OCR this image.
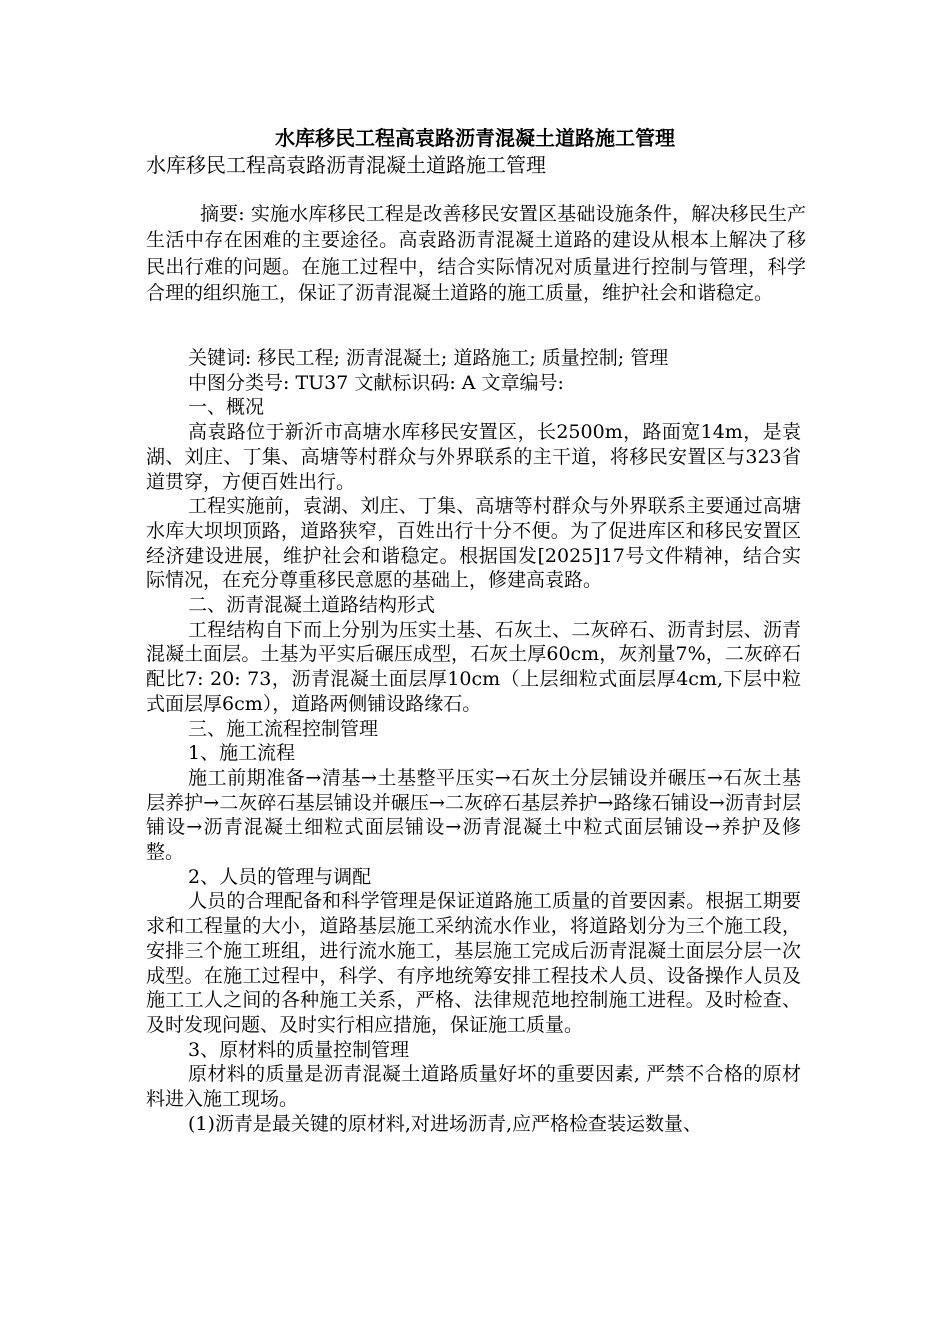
水库移民工程高袁路沥青混凝土道路施工管理
水库移民工程高袁路沥青混凝土道路施工管理

摘要: 实施水库移民工程是改善移民安置区基础设施条件，解决移民生产生活中存在困难的主要途径。高袁路沥青混凝土道路的建设从根本上解决了移民出行难的问题。在施工过程中，结合实际情况对质量进行控制与管理，科学合理的组织施工，保证了沥青混凝土道路的施工质量，维护社会和谐稳定。

关键词: 移民工程; 沥青混凝土; 道路施工; 质量控制; 管理

中图分类号: TU37 文献标识码: A 文章编号:

一、概况

高袁路位于新沂市高塘水库移民安置区，长2500m，路面宽14m，是袁湖、刘庄、丁集、高塘等村群众与外界联系的主干道，将移民安置区与323省道贯穿，方便百姓出行。

工程实施前，袁湖、刘庄、丁集、高塘等村群众与外界联系主要通过高塘水库大坝坝顶路，道路狭窄，百姓出行十分不便。为了促进库区和移民安置区经济建设进展，维护社会和谐稳定。根据国发[2025]17号文件精神，结合实际情况，在充分尊重移民意愿的基础上，修建高袁路。

二、沥青混凝土道路结构形式

工程结构自下而上分别为压实土基、石灰土、二灰碎石、沥青封层、沥青混凝土面层。土基为平实后碾压成型，石灰土厚60cm，灰剂量7%，二灰碎石配比7: 20: 73，沥青混凝土面层厚10cm（上层细粒式面层厚4cm,下层中粒式面层厚6cm），道路两侧铺设路缘石。

三、施工流程控制管理

1、施工流程

施工前期准备→清基→土基整平压实→石灰土分层铺设并碾压→石灰土基层养护→二灰碎石基层铺设并碾压→二灰碎石基层养护→路缘石铺设→沥青封层铺设→沥青混凝土细粒式面层铺设→沥青混凝土中粒式面层铺设→养护及修整。

2、人员的管理与调配

人员的合理配备和科学管理是保证道路施工质量的首要因素。根据工期要求和工程量的大小，道路基层施工采纳流水作业，将道路划分为三个施工段，安排三个施工班组，进行流水施工，基层施工完成后沥青混凝土面层分层一次成型。在施工过程中，科学、有序地统筹安排工程技术人员、设备操作人员及施工工人之间的各种施工关系，严格、法律规范地控制施工进程。及时检查、及时发现问题、及时实行相应措施，保证施工质量。

3、原材料的质量控制管理

原材料的质量是沥青混凝土道路质量好坏的重要因素, 严禁不合格的原材料进入施工现场。

(1)沥青是最关键的原材料,对进场沥青,应严格检查装运数量、
